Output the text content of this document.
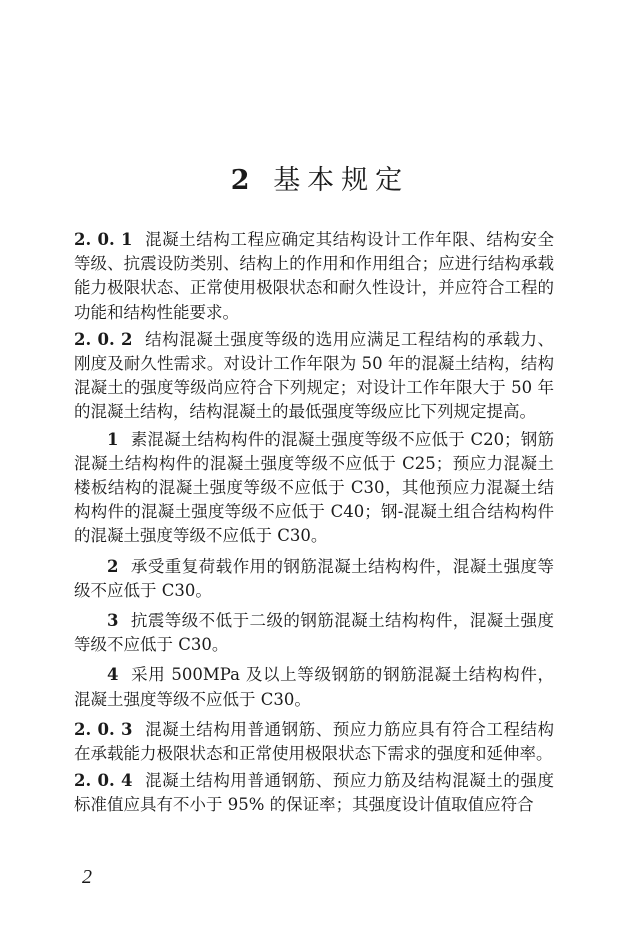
2 基本规定

2. 0. 1 混凝土结构工程应确定其结构设计工作年限、结构安全等级、抗震设防类别、结构上的作用和作用组合；应进行结构承载能力极限状态、正常使用极限状态和耐久性设计，并应符合工程的功能和结构性能要求。

2. 0. 2 结构混凝土强度等级的选用应满足工程结构的承载力、刚度及耐久性需求。对设计工作年限为 50 年的混凝土结构，结构混凝土的强度等级尚应符合下列规定；对设计工作年限大于 50 年的混凝土结构，结构混凝土的最低强度等级应比下列规定提高。

1 素混凝土结构构件的混凝土强度等级不应低于 C20；钢筋混凝土结构构件的混凝土强度等级不应低于 C25；预应力混凝土楼板结构的混凝土强度等级不应低于 C30，其他预应力混凝土结构构件的混凝土强度等级不应低于 C40；钢-混凝土组合结构构件的混凝土强度等级不应低于 C30。

2 承受重复荷载作用的钢筋混凝土结构构件，混凝土强度等级不应低于 C30。

3 抗震等级不低于二级的钢筋混凝土结构构件，混凝土强度等级不应低于 C30。

4 采用 500MPa 及以上等级钢筋的钢筋混凝土结构构件，混凝土强度等级不应低于 C30。

2. 0. 3 混凝土结构用普通钢筋、预应力筋应具有符合工程结构在承载能力极限状态和正常使用极限状态下需求的强度和延伸率。

2. 0. 4 混凝土结构用普通钢筋、预应力筋及结构混凝土的强度标准值应具有不小于 95% 的保证率；其强度设计值取值应符合

2
